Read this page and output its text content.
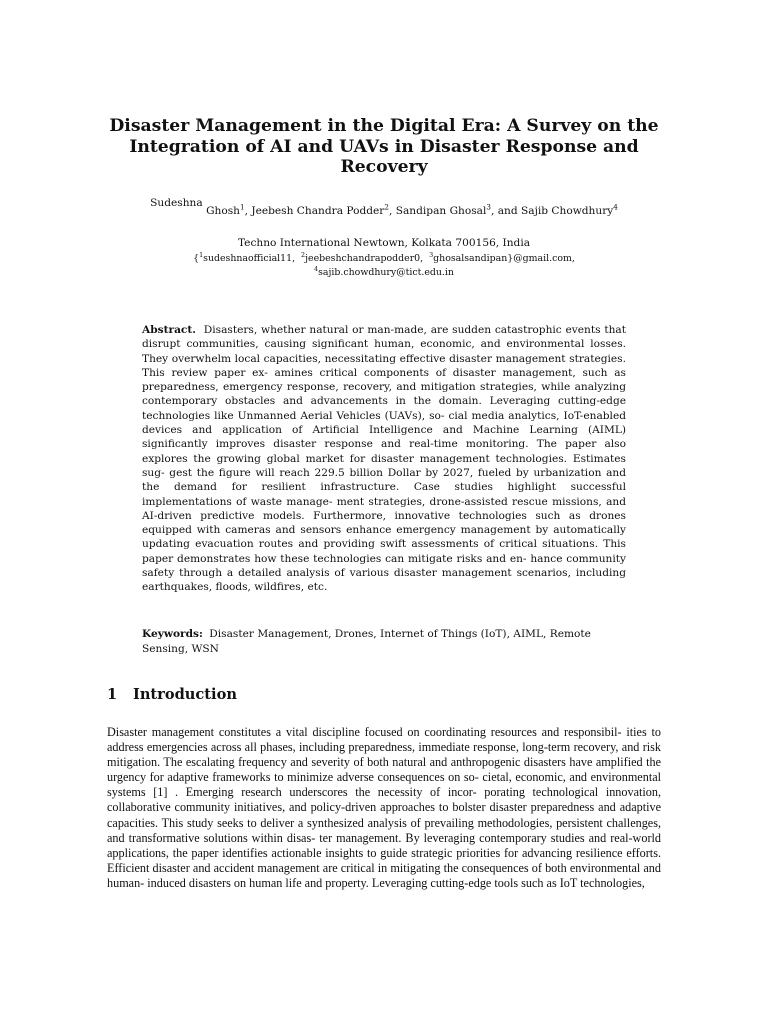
Disaster Management in the Digital Era: A Survey on the Integration of AI and UAVs in Disaster Response and Recovery
Sudeshna Ghosh$^1$, Jeebesh Chandra Podder$^2$, Sandipan Ghosal$^3$, and Sajib Chowdhury$^4$
Techno International Newtown, Kolkata 700156, India
{$^1$sudeshnaofficial11, $^2$jeebeshchandrapodder0, $^3$ghosalsandipan}@gmail.com,
$^4$sajib.chowdhury@tict.edu.in
Abstract. Disasters, whether natural or man-made, are sudden catastrophic events that disrupt communities, causing significant human, economic, and environmental losses. They overwhelm local capacities, necessitating effective disaster management strategies. This review paper ex- amines critical components of disaster management, such as preparedness, emergency response, recovery, and mitigation strategies, while analyzing contemporary obstacles and advancements in the domain. Leveraging cutting-edge technologies like Unmanned Aerial Vehicles (UAVs), so- cial media analytics, IoT-enabled devices and application of Artificial Intelligence and Machine Learning (AIML) significantly improves disaster response and real-time monitoring. The paper also explores the growing global market for disaster management technologies. Estimates sug- gest the figure will reach 229.5 billion Dollar by 2027, fueled by urbanization and the demand for resilient infrastructure. Case studies highlight successful implementations of waste manage- ment strategies, drone-assisted rescue missions, and AI-driven predictive models. Furthermore, innovative technologies such as drones equipped with cameras and sensors enhance emergency management by automatically updating evacuation routes and providing swift assessments of critical situations. This paper demonstrates how these technologies can mitigate risks and en- hance community safety through a detailed analysis of various disaster management scenarios, including earthquakes, floods, wildfires, etc.
Keywords: Disaster Management, Drones, Internet of Things (IoT), AIML, Remote Sensing, WSN
1 Introduction
Disaster management constitutes a vital discipline focused on coordinating resources and responsibil- ities to address emergencies across all phases, including preparedness, immediate response, long-term recovery, and risk mitigation. The escalating frequency and severity of both natural and anthropogenic disasters have amplified the urgency for adaptive frameworks to minimize adverse consequences on so- cietal, economic, and environmental systems [1] . Emerging research underscores the necessity of incor- porating technological innovation, collaborative community initiatives, and policy-driven approaches to bolster disaster preparedness and adaptive capacities. This study seeks to deliver a synthesized analysis of prevailing methodologies, persistent challenges, and transformative solutions within disas- ter management. By leveraging contemporary studies and real-world applications, the paper identifies actionable insights to guide strategic priorities for advancing resilience efforts. Efficient disaster and accident management are critical in mitigating the consequences of both environmental and human- induced disasters on human life and property. Leveraging cutting-edge tools such as IoT technologies,
